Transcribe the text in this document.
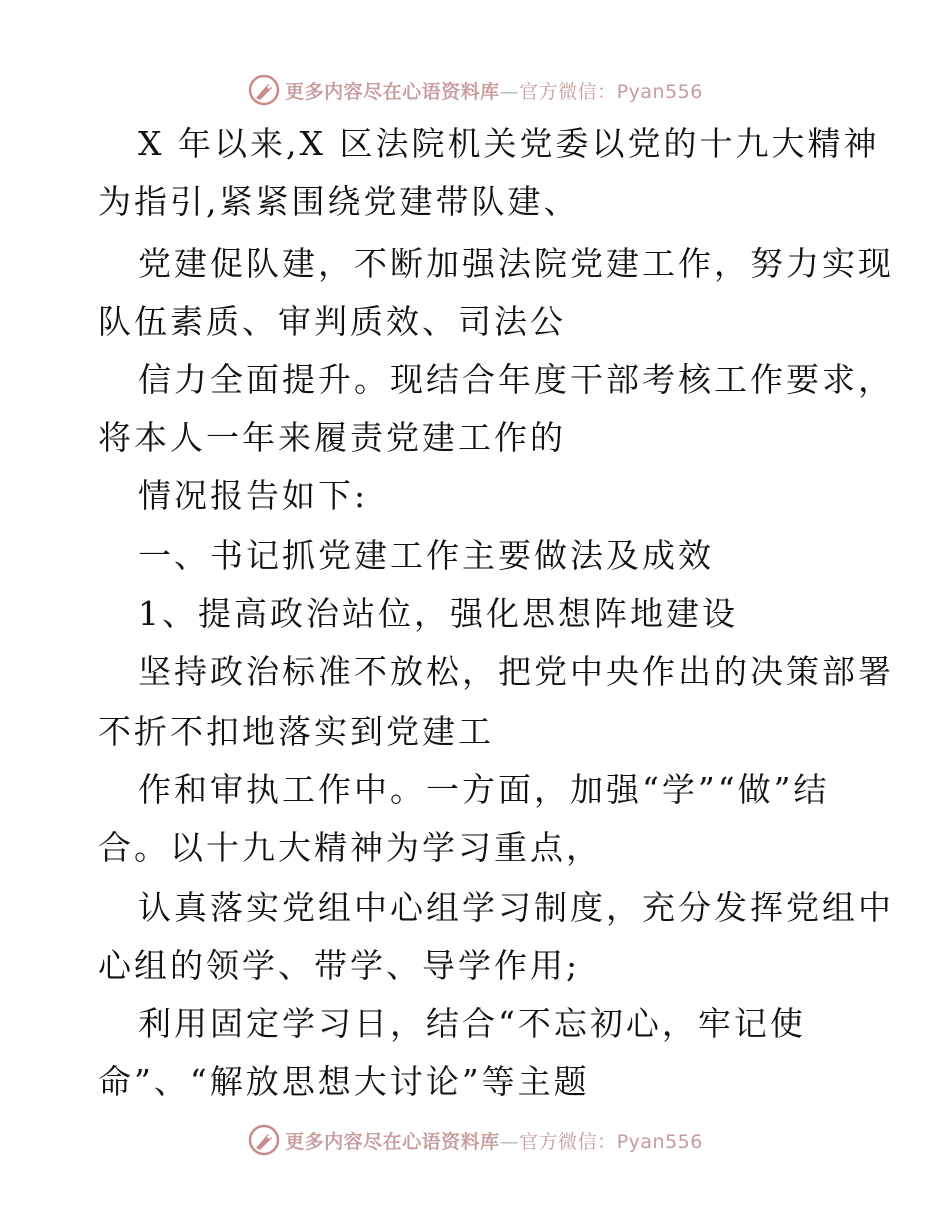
更多内容尽在心语资料库—官方微信：Pyan556
X 年以来,X 区法院机关党委以党的十九大精神
为指引,紧紧围绕党建带队建、
党建促队建，不断加强法院党建工作，努力实现
队伍素质、审判质效、司法公
信力全面提升。现结合年度干部考核工作要求，
将本人一年来履责党建工作的
情况报告如下:
一、书记抓党建工作主要做法及成效
1、提高政治站位，强化思想阵地建设
坚持政治标准不放松，把党中央作出的决策部署
不折不扣地落实到党建工
作和审执工作中。一方面，加强“学”“做”结
合。以十九大精神为学习重点，
认真落实党组中心组学习制度，充分发挥党组中
心组的领学、带学、导学作用;
利用固定学习日，结合“不忘初心，牢记使
命”、“解放思想大讨论”等主题
更多内容尽在心语资料库—官方微信：Pyan556
